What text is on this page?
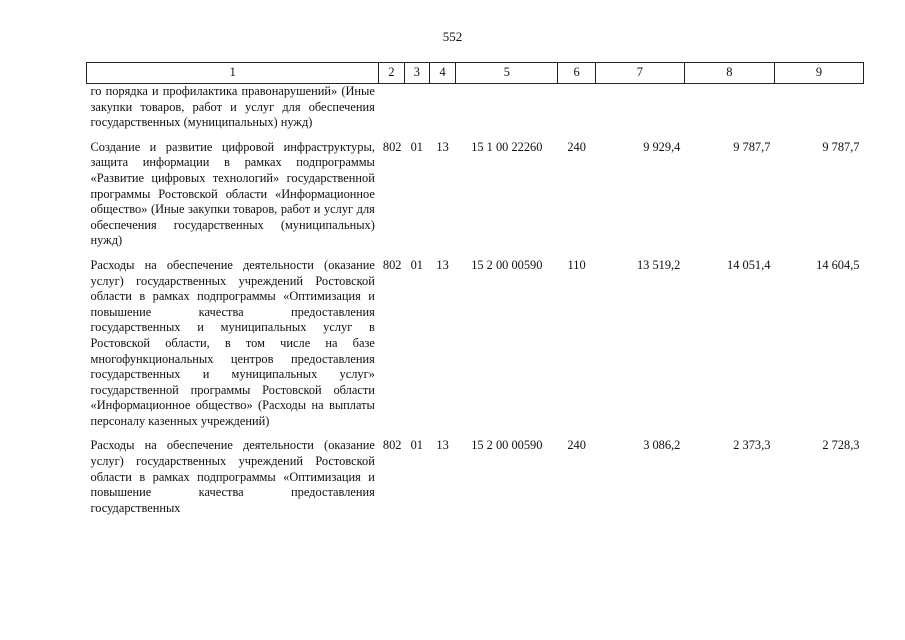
552
1	2	3	4	5	6	7	8	9
го порядка и профилактика правонарушений» (Иные закупки товаров, работ и услуг для обеспечения государственных (муниципальных) нужд)								
Создание и развитие цифровой инфраструктуры, защита информации в рамках подпрограммы «Развитие цифровых технологий» государственной программы Ростовской области «Информационное общество» (Иные закупки товаров, работ и услуг для обеспечения государственных (муниципальных) нужд)	802	01	13	15 1 00 22260	240	9 929,4	9 787,7	9 787,7
Расходы на обеспечение деятельности (оказание услуг) государственных учреждений Ростовской области в рамках подпрограммы «Оптимизация и повышение качества предоставления государственных и муниципальных услуг в Ростовской области, в том числе на базе многофункциональных центров предоставления государственных и муниципальных услуг» государственной программы Ростовской области «Информационное общество» (Расходы на выплаты персоналу казенных учреждений)	802	01	13	15 2 00 00590	110	13 519,2	14 051,4	14 604,5
Расходы на обеспечение деятельности (оказание услуг) государственных учреждений Ростовской области в рамках подпрограммы «Оптимизация и повышение качества предоставления государственных	802	01	13	15 2 00 00590	240	3 086,2	2 373,3	2 728,3
